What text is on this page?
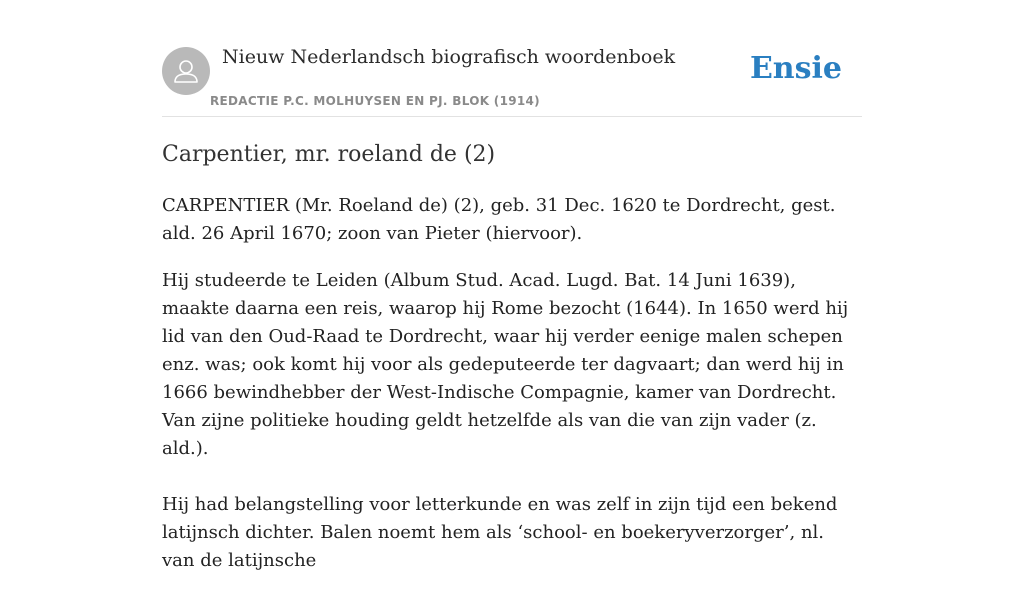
Nieuw Nederlandsch biografisch woordenboek
REDACTIE P.C. MOLHUYSEN EN PJ. BLOK (1914)
Ensie
Carpentier, mr. roeland de (2)

CARPENTIER (Mr. Roeland de) (2), geb. 31 Dec. 1620 te Dordrecht, gest. ald. 26 April 1670; zoon van Pieter (hiervoor).

Hij studeerde te Leiden (Album Stud. Acad. Lugd. Bat. 14 Juni 1639), maakte daarna een reis, waarop hij Rome bezocht (1644). In 1650 werd hij lid van den Oud-Raad te Dordrecht, waar hij verder eenige malen schepen enz. was; ook komt hij voor als gedeputeerde ter dagvaart; dan werd hij in 1666 bewindhebber der West-Indische Compagnie, kamer van Dordrecht. Van zijne politieke houding geldt hetzelfde als van die van zijn vader (z. ald.).

Hij had belangstelling voor letterkunde en was zelf in zijn tijd een bekend latijnsch dichter. Balen noemt hem als ‘school- en boekeryverzorger’, nl. van de latijnsche
